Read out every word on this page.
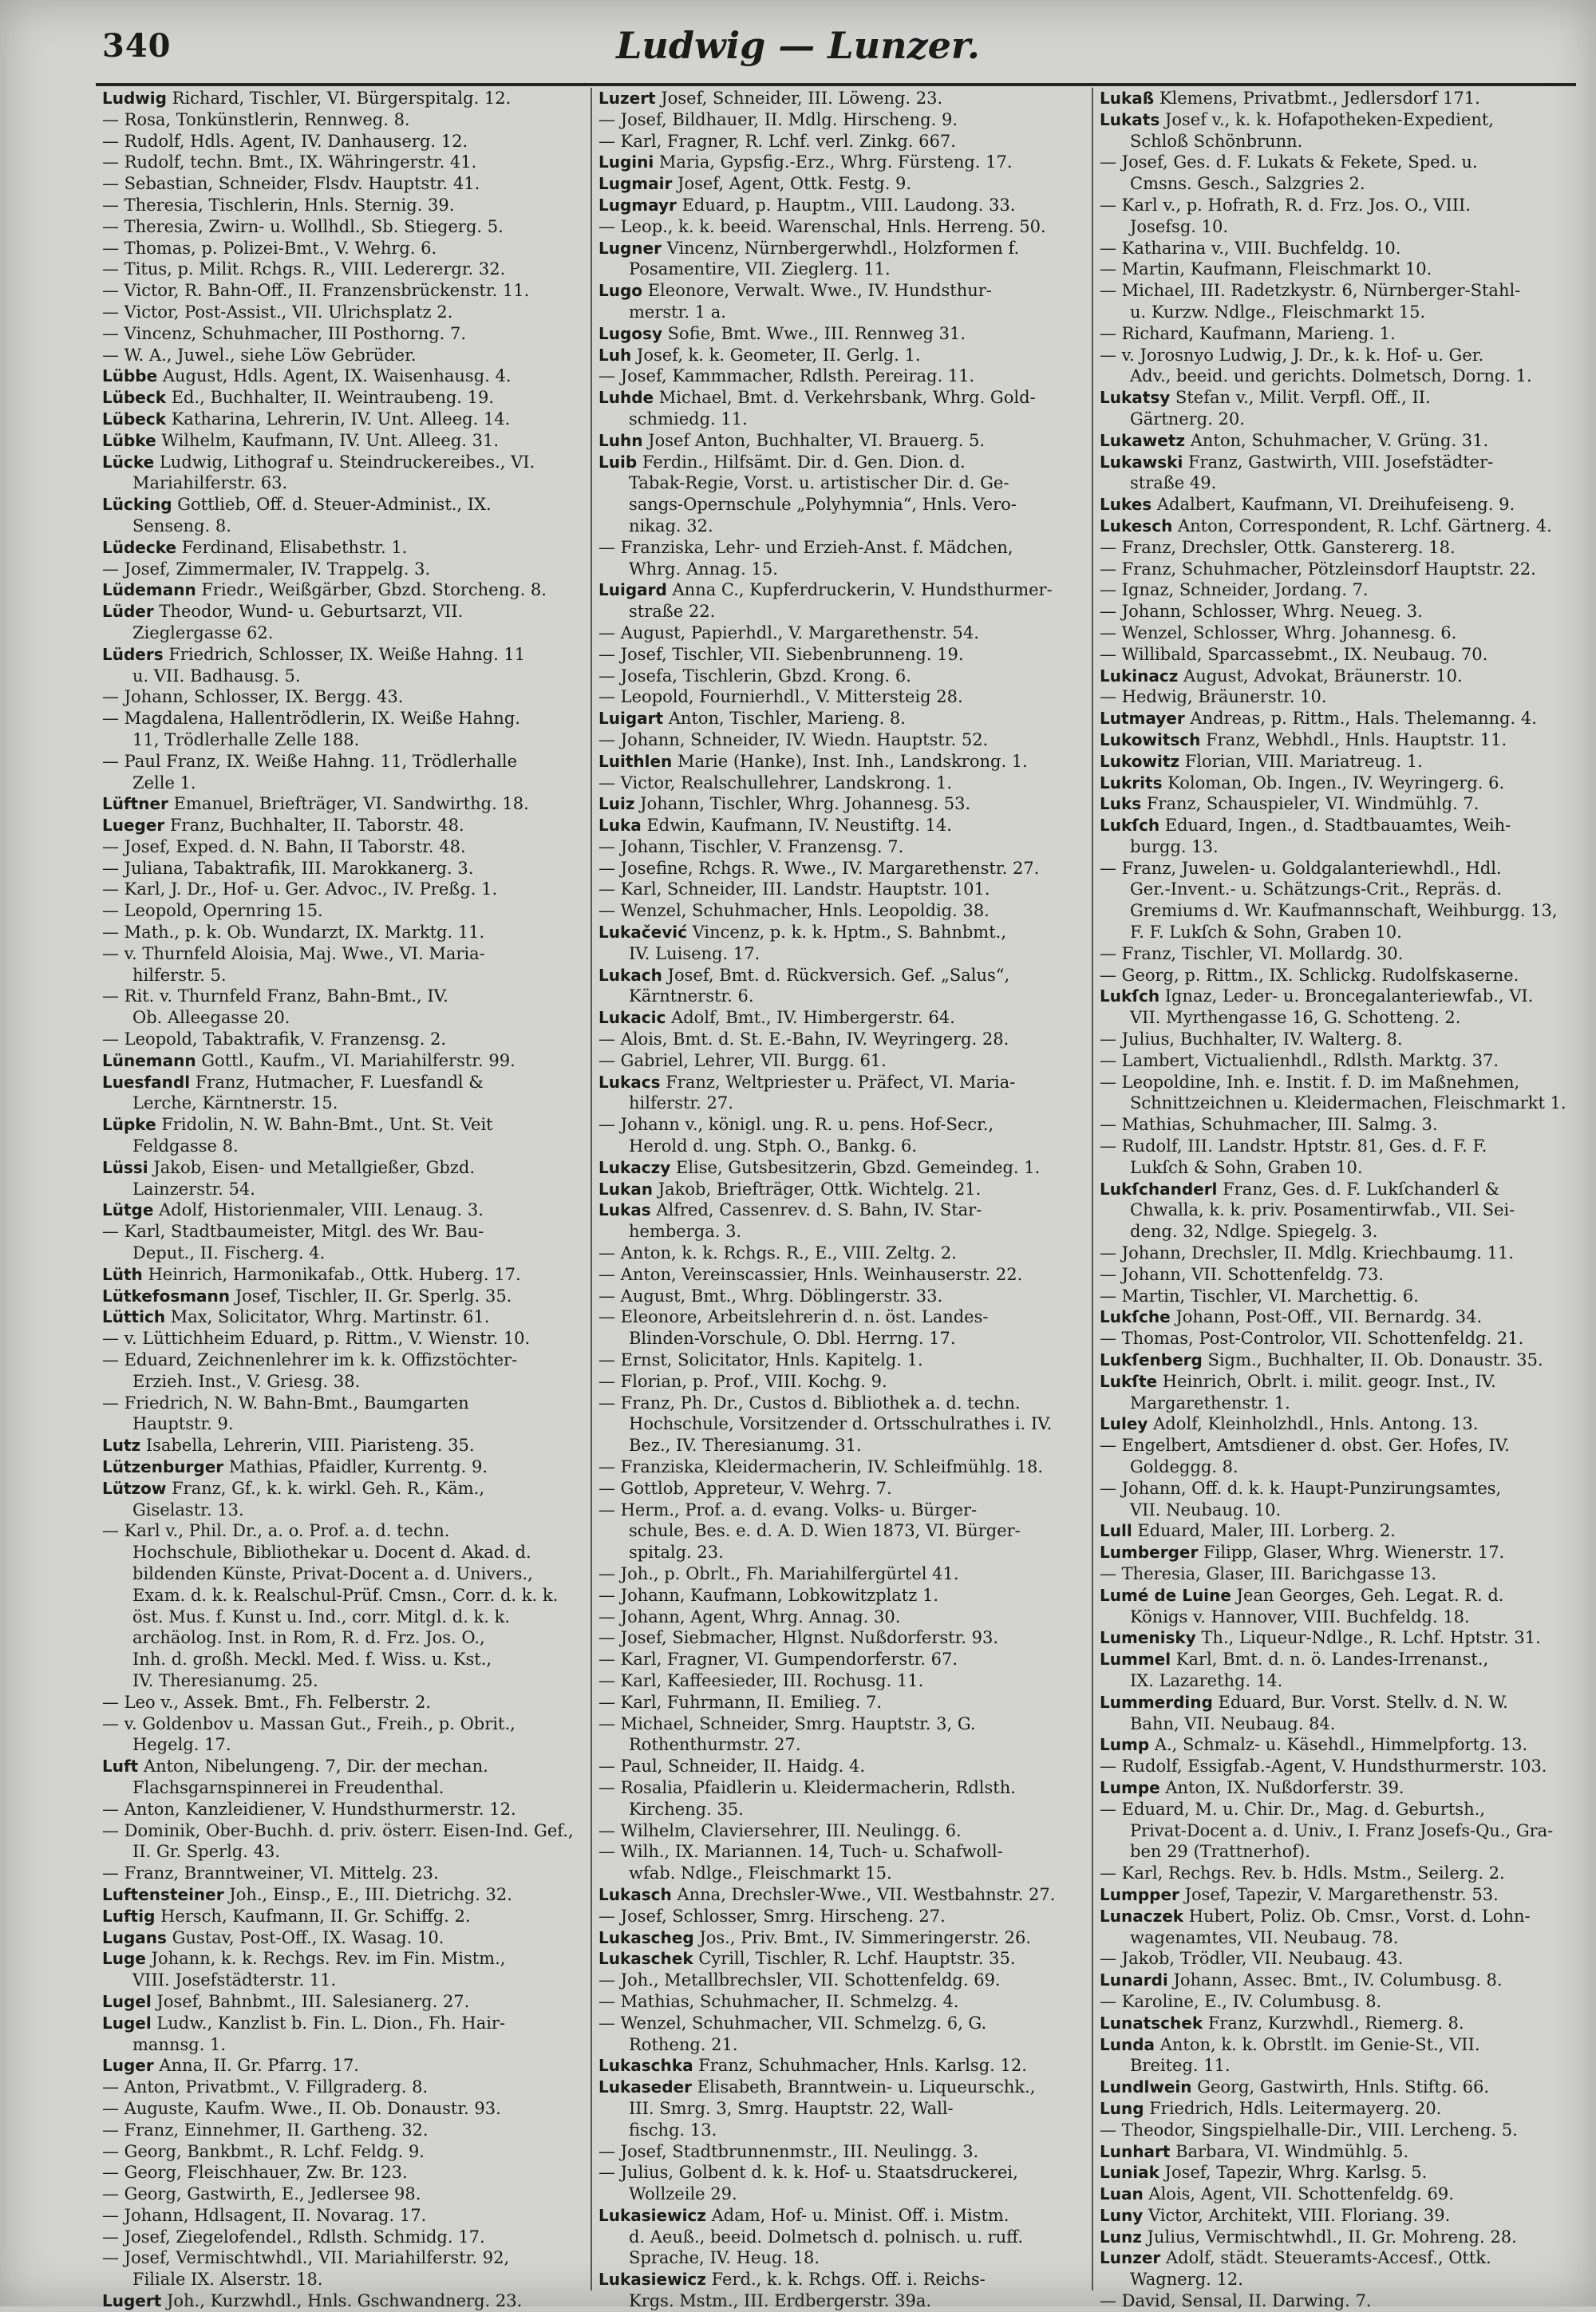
340	Ludwig — Lunzer.
Ludwig Richard, Tischler, VI. Bürgerspitalg. 12.
— Rosa, Tonkünstlerin, Rennweg. 8.
— Rudolf, Hdls. Agent, IV. Danhauserg. 12.
— Rudolf, techn. Bmt., IX. Währingerstr. 41.
— Sebastian, Schneider, Flsdv. Hauptstr. 41.
— Theresia, Tischlerin, Hnls. Sternig. 39.
— Theresia, Zwirn- u. Wollhdl., Sb. Stiegerg. 5.
— Thomas, p. Polizei-Bmt., V. Wehrg. 6.
— Titus, p. Milit. Rchgs. R., VIII. Lederergr. 32.
— Victor, R. Bahn-Off., II. Franzensbrückenstr. 11.
— Victor, Post-Assist., VII. Ulrichsplatz 2.
— Vincenz, Schuhmacher, III Posthorng. 7.
— W. A., Juwel., siehe Löw Gebrüder.
Lübbe August, Hdls. Agent, IX. Waisenhausg. 4.
Lübeck Ed., Buchhalter, II. Weintraubeng. 19.
Lübeck Katharina, Lehrerin, IV. Unt. Alleeg. 14.
Lübke Wilhelm, Kaufmann, IV. Unt. Alleeg. 31.
Lücke Ludwig, Lithograf u. Steindruckereibes., VI.
Mariahilferstr. 63.
Lücking Gottlieb, Off. d. Steuer-Administ., IX.
Senseng. 8.
Lüdecke Ferdinand, Elisabethstr. 1.
— Josef, Zimmermaler, IV. Trappelg. 3.
Lüdemann Friedr., Weißgärber, Gbzd. Storcheng. 8.
Lüder Theodor, Wund- u. Geburtsarzt, VII.
Zieglergasse 62.
Lüders Friedrich, Schlosser, IX. Weiße Hahng. 11
u. VII. Badhausg. 5.
— Johann, Schlosser, IX. Bergg. 43.
— Magdalena, Hallentrödlerin, IX. Weiße Hahng.
11, Trödlerhalle Zelle 188.
— Paul Franz, IX. Weiße Hahng. 11, Trödlerhalle
Zelle 1.
Lüftner Emanuel, Briefträger, VI. Sandwirthg. 18.
Lueger Franz, Buchhalter, II. Taborstr. 48.
— Josef, Exped. d. N. Bahn, II Taborstr. 48.
— Juliana, Tabaktrafik, III. Marokkanerg. 3.
— Karl, J. Dr., Hof- u. Ger. Advoc., IV. Preßg. 1.
— Leopold, Opernring 15.
— Math., p. k. Ob. Wundarzt, IX. Marktg. 11.
— v. Thurnfeld Aloisia, Maj. Wwe., VI. Maria-
hilferstr. 5.
— Rit. v. Thurnfeld Franz, Bahn-Bmt., IV.
Ob. Alleegasse 20.
— Leopold, Tabaktrafik, V. Franzensg. 2.
Lünemann Gottl., Kaufm., VI. Mariahilferstr. 99.
Luesfandl Franz, Hutmacher, F. Luesfandl &
Lerche, Kärntnerstr. 15.
Lüpke Fridolin, N. W. Bahn-Bmt., Unt. St. Veit
Feldgasse 8.
Lüssi Jakob, Eisen- und Metallgießer, Gbzd.
Lainzerstr. 54.
Lütge Adolf, Historienmaler, VIII. Lenaug. 3.
— Karl, Stadtbaumeister, Mitgl. des Wr. Bau-
Deput., II. Fischerg. 4.
Lüth Heinrich, Harmonikafab., Ottk. Huberg. 17.
Lütkefosmann Josef, Tischler, II. Gr. Sperlg. 35.
Lüttich Max, Solicitator, Whrg. Martinstr. 61.
— v. Lüttichheim Eduard, p. Rittm., V. Wienstr. 10.
— Eduard, Zeichnenlehrer im k. k. Offizstöchter-
Erzieh. Inst., V. Griesg. 38.
— Friedrich, N. W. Bahn-Bmt., Baumgarten
Hauptstr. 9.
Lutz Isabella, Lehrerin, VIII. Piaristeng. 35.
Lützenburger Mathias, Pfaidler, Kurrentg. 9.
Lützow Franz, Gf., k. k. wirkl. Geh. R., Käm.,
Giselastr. 13.
— Karl v., Phil. Dr., a. o. Prof. a. d. techn.
Hochschule, Bibliothekar u. Docent d. Akad. d.
bildenden Künste, Privat-Docent a. d. Univers.,
Exam. d. k. k. Realschul-Prüf. Cmsn., Corr. d. k. k.
öst. Mus. f. Kunst u. Ind., corr. Mitgl. d. k. k.
archäolog. Inst. in Rom, R. d. Frz. Jos. O.,
Inh. d. großh. Meckl. Med. f. Wiss. u. Kst.,
IV. Theresianumg. 25.
— Leo v., Assek. Bmt., Fh. Felberstr. 2.
— v. Goldenbov u. Massan Gut., Freih., p. Obrit.,
Hegelg. 17.
Luft Anton, Nibelungeng. 7, Dir. der mechan.
Flachsgarnspinnerei in Freudenthal.
— Anton, Kanzleidiener, V. Hundsthurmerstr. 12.
— Dominik, Ober-Buchh. d. priv. österr. Eisen-Ind. Gef.,
II. Gr. Sperlg. 43.
— Franz, Branntweiner, VI. Mittelg. 23.
Luftensteiner Joh., Einsp., E., III. Dietrichg. 32.
Luftig Hersch, Kaufmann, II. Gr. Schiffg. 2.
Lugans Gustav, Post-Off., IX. Wasag. 10.
Luge Johann, k. k. Rechgs. Rev. im Fin. Mistm.,
VIII. Josefstädterstr. 11.
Lugel Josef, Bahnbmt., III. Salesianerg. 27.
Lugel Ludw., Kanzlist b. Fin. L. Dion., Fh. Hair-
mannsg. 1.
Luger Anna, II. Gr. Pfarrg. 17.
— Anton, Privatbmt., V. Fillgraderg. 8.
— Auguste, Kaufm. Wwe., II. Ob. Donaustr. 93.
— Franz, Einnehmer, II. Gartheng. 32.
— Georg, Bankbmt., R. Lchf. Feldg. 9.
— Georg, Fleischhauer, Zw. Br. 123.
— Georg, Gastwirth, E., Jedlersee 98.
— Johann, Hdlsagent, II. Novarag. 17.
— Josef, Ziegelofendel., Rdlsth. Schmidg. 17.
— Josef, Vermischtwhdl., VII. Mariahilferstr. 92,
Filiale IX. Alserstr. 18.
Lugert Joh., Kurzwhdl., Hnls. Gschwandnerg. 23.
Luzert Josef, Schneider, III. Löweng. 23.
— Josef, Bildhauer, II. Mdlg. Hirscheng. 9.
— Karl, Fragner, R. Lchf. verl. Zinkg. 667.
Lugini Maria, Gypsfig.-Erz., Whrg. Fürsteng. 17.
Lugmair Josef, Agent, Ottk. Festg. 9.
Lugmayr Eduard, p. Hauptm., VIII. Laudong. 33.
— Leop., k. k. beeid. Warenschal, Hnls. Herreng. 50.
Lugner Vincenz, Nürnbergerwhdl., Holzformen f.
Posamentire, VII. Zieglerg. 11.
Lugo Eleonore, Verwalt. Wwe., IV. Hundsthur-
merstr. 1 a.
Lugosy Sofie, Bmt. Wwe., III. Rennweg 31.
Luh Josef, k. k. Geometer, II. Gerlg. 1.
— Josef, Kammmacher, Rdlsth. Pereirag. 11.
Luhde Michael, Bmt. d. Verkehrsbank, Whrg. Gold-
schmiedg. 11.
Luhn Josef Anton, Buchhalter, VI. Brauerg. 5.
Luib Ferdin., Hilfsämt. Dir. d. Gen. Dion. d.
Tabak-Regie, Vorst. u. artistischer Dir. d. Ge-
sangs-Opernschule „Polyhymnia“, Hnls. Vero-
nikag. 32.
— Franziska, Lehr- und Erzieh-Anst. f. Mädchen,
Whrg. Annag. 15.
Luigard Anna C., Kupferdruckerin, V. Hundsthurmer-
straße 22.
— August, Papierhdl., V. Margarethenstr. 54.
— Josef, Tischler, VII. Siebenbrunneng. 19.
— Josefa, Tischlerin, Gbzd. Krong. 6.
— Leopold, Fournierhdl., V. Mittersteig 28.
Luigart Anton, Tischler, Marieng. 8.
— Johann, Schneider, IV. Wiedn. Hauptstr. 52.
Luithlen Marie (Hanke), Inst. Inh., Landskrong. 1.
— Victor, Realschullehrer, Landskrong. 1.
Luiz Johann, Tischler, Whrg. Johannesg. 53.
Luka Edwin, Kaufmann, IV. Neustiftg. 14.
— Johann, Tischler, V. Franzensg. 7.
— Josefine, Rchgs. R. Wwe., IV. Margarethenstr. 27.
— Karl, Schneider, III. Landstr. Hauptstr. 101.
— Wenzel, Schuhmacher, Hnls. Leopoldig. 38.
Lukačević Vincenz, p. k. k. Hptm., S. Bahnbmt.,
IV. Luiseng. 17.
Lukach Josef, Bmt. d. Rückversich. Gef. „Salus“,
Kärntnerstr. 6.
Lukacic Adolf, Bmt., IV. Himbergerstr. 64.
— Alois, Bmt. d. St. E.-Bahn, IV. Weyringerg. 28.
— Gabriel, Lehrer, VII. Burgg. 61.
Lukacs Franz, Weltpriester u. Präfect, VI. Maria-
hilferstr. 27.
— Johann v., königl. ung. R. u. pens. Hof-Secr.,
Herold d. ung. Stph. O., Bankg. 6.
Lukaczy Elise, Gutsbesitzerin, Gbzd. Gemeindeg. 1.
Lukan Jakob, Briefträger, Ottk. Wichtelg. 21.
Lukas Alfred, Cassenrev. d. S. Bahn, IV. Star-
hemberga. 3.
— Anton, k. k. Rchgs. R., E., VIII. Zeltg. 2.
— Anton, Vereinscassier, Hnls. Weinhauserstr. 22.
— August, Bmt., Whrg. Döblingerstr. 33.
— Eleonore, Arbeitslehrerin d. n. öst. Landes-
Blinden-Vorschule, O. Dbl. Herrng. 17.
— Ernst, Solicitator, Hnls. Kapitelg. 1.
— Florian, p. Prof., VIII. Kochg. 9.
— Franz, Ph. Dr., Custos d. Bibliothek a. d. techn.
Hochschule, Vorsitzender d. Ortsschulrathes i. IV.
Bez., IV. Theresianumg. 31.
— Franziska, Kleidermacherin, IV. Schleifmühlg. 18.
— Gottlob, Appreteur, V. Wehrg. 7.
— Herm., Prof. a. d. evang. Volks- u. Bürger-
schule, Bes. e. d. A. D. Wien 1873, VI. Bürger-
spitalg. 23.
— Joh., p. Obrlt., Fh. Mariahilfergürtel 41.
— Johann, Kaufmann, Lobkowitzplatz 1.
— Johann, Agent, Whrg. Annag. 30.
— Josef, Siebmacher, Hlgnst. Nußdorferstr. 93.
— Karl, Fragner, VI. Gumpendorferstr. 67.
— Karl, Kaffeesieder, III. Rochusg. 11.
— Karl, Fuhrmann, II. Emilieg. 7.
— Michael, Schneider, Smrg. Hauptstr. 3, G.
Rothenthurmstr. 27.
— Paul, Schneider, II. Haidg. 4.
— Rosalia, Pfaidlerin u. Kleidermacherin, Rdlsth.
Kircheng. 35.
— Wilhelm, Claviersehrer, III. Neulingg. 6.
— Wilh., IX. Mariannen. 14, Tuch- u. Schafwoll-
wfab. Ndlge., Fleischmarkt 15.
Lukasch Anna, Drechsler-Wwe., VII. Westbahnstr. 27.
— Josef, Schlosser, Smrg. Hirscheng. 27.
Lukascheg Jos., Priv. Bmt., IV. Simmeringerstr. 26.
Lukaschek Cyrill, Tischler, R. Lchf. Hauptstr. 35.
— Joh., Metallbrechsler, VII. Schottenfeldg. 69.
— Mathias, Schuhmacher, II. Schmelzg. 4.
— Wenzel, Schuhmacher, VII. Schmelzg. 6, G.
Rotheng. 21.
Lukaschka Franz, Schuhmacher, Hnls. Karlsg. 12.
Lukaseder Elisabeth, Branntwein- u. Liqueurschk.,
III. Smrg. 3, Smrg. Hauptstr. 22, Wall-
fischg. 13.
— Josef, Stadtbrunnenmstr., III. Neulingg. 3.
— Julius, Golbent d. k. k. Hof- u. Staatsdruckerei,
Wollzeile 29.
Lukasiewicz Adam, Hof- u. Minist. Off. i. Mistm.
d. Aeuß., beeid. Dolmetsch d. polnisch. u. ruff.
Sprache, IV. Heug. 18.
Lukasiewicz Ferd., k. k. Rchgs. Off. i. Reichs-
Krgs. Mstm., III. Erdbergerstr. 39a.
Lukaß Klemens, Privatbmt., Jedlersdorf 171.
Lukats Josef v., k. k. Hofapotheken-Expedient,
Schloß Schönbrunn.
— Josef, Ges. d. F. Lukats & Fekete, Sped. u.
Cmsns. Gesch., Salzgries 2.
— Karl v., p. Hofrath, R. d. Frz. Jos. O., VIII.
Josefsg. 10.
— Katharina v., VIII. Buchfeldg. 10.
— Martin, Kaufmann, Fleischmarkt 10.
— Michael, III. Radetzkystr. 6, Nürnberger-Stahl-
u. Kurzw. Ndlge., Fleischmarkt 15.
— Richard, Kaufmann, Marieng. 1.
— v. Jorosnyo Ludwig, J. Dr., k. k. Hof- u. Ger.
Adv., beeid. und gerichts. Dolmetsch, Dorng. 1.
Lukatsy Stefan v., Milit. Verpfl. Off., II.
Gärtnerg. 20.
Lukawetz Anton, Schuhmacher, V. Grüng. 31.
Lukawski Franz, Gastwirth, VIII. Josefstädter-
straße 49.
Lukes Adalbert, Kaufmann, VI. Dreihufeiseng. 9.
Lukesch Anton, Correspondent, R. Lchf. Gärtnerg. 4.
— Franz, Drechsler, Ottk. Ganstererg. 18.
— Franz, Schuhmacher, Pötzleinsdorf Hauptstr. 22.
— Ignaz, Schneider, Jordang. 7.
— Johann, Schlosser, Whrg. Neueg. 3.
— Wenzel, Schlosser, Whrg. Johannesg. 6.
— Willibald, Sparcassebmt., IX. Neubaug. 70.
Lukinacz August, Advokat, Bräunerstr. 10.
— Hedwig, Bräunerstr. 10.
Lutmayer Andreas, p. Rittm., Hals. Thelemanng. 4.
Lukowitsch Franz, Webhdl., Hnls. Hauptstr. 11.
Lukowitz Florian, VIII. Mariatreug. 1.
Lukrits Koloman, Ob. Ingen., IV. Weyringerg. 6.
Luks Franz, Schauspieler, VI. Windmühlg. 7.
Lukſch Eduard, Ingen., d. Stadtbauamtes, Weih-
burgg. 13.
— Franz, Juwelen- u. Goldgalanteriewhdl., Hdl.
Ger.-Invent.- u. Schätzungs-Crit., Repräs. d.
Gremiums d. Wr. Kaufmannschaft, Weihburgg. 13,
F. F. Lukſch & Sohn, Graben 10.
— Franz, Tischler, VI. Mollardg. 30.
— Georg, p. Rittm., IX. Schlickg. Rudolfskaserne.
Lukſch Ignaz, Leder- u. Broncegalanteriewfab., VI.
VII. Myrthengasse 16, G. Schotteng. 2.
— Julius, Buchhalter, IV. Walterg. 8.
— Lambert, Victualienhdl., Rdlsth. Marktg. 37.
— Leopoldine, Inh. e. Instit. f. D. im Maßnehmen,
Schnittzeichnen u. Kleidermachen, Fleischmarkt 1.
— Mathias, Schuhmacher, III. Salmg. 3.
— Rudolf, III. Landstr. Hptstr. 81, Ges. d. F. F.
Lukſch & Sohn, Graben 10.
Lukſchanderl Franz, Ges. d. F. Lukſchanderl &
Chwalla, k. k. priv. Posamentirwfab., VII. Sei-
deng. 32, Ndlge. Spiegelg. 3.
— Johann, Drechsler, II. Mdlg. Kriechbaumg. 11.
— Johann, VII. Schottenfeldg. 73.
— Martin, Tischler, VI. Marchettig. 6.
Lukſche Johann, Post-Off., VII. Bernardg. 34.
— Thomas, Post-Controlor, VII. Schottenfeldg. 21.
Lukſenberg Sigm., Buchhalter, II. Ob. Donaustr. 35.
Lukſte Heinrich, Obrlt. i. milit. geogr. Inst., IV.
Margarethenstr. 1.
Luley Adolf, Kleinholzhdl., Hnls. Antong. 13.
— Engelbert, Amtsdiener d. obst. Ger. Hofes, IV.
Goldeggg. 8.
— Johann, Off. d. k. k. Haupt-Punzirungsamtes,
VII. Neubaug. 10.
Lull Eduard, Maler, III. Lorberg. 2.
Lumberger Filipp, Glaser, Whrg. Wienerstr. 17.
— Theresia, Glaser, III. Barichgasse 13.
Lumé de Luine Jean Georges, Geh. Legat. R. d.
Königs v. Hannover, VIII. Buchfeldg. 18.
Lumenisky Th., Liqueur-Ndlge., R. Lchf. Hptstr. 31.
Lummel Karl, Bmt. d. n. ö. Landes-Irrenanst.,
IX. Lazarethg. 14.
Lummerding Eduard, Bur. Vorst. Stellv. d. N. W.
Bahn, VII. Neubaug. 84.
Lump A., Schmalz- u. Käsehdl., Himmelpfortg. 13.
— Rudolf, Essigfab.-Agent, V. Hundsthurmerstr. 103.
Lumpe Anton, IX. Nußdorferstr. 39.
— Eduard, M. u. Chir. Dr., Mag. d. Geburtsh.,
Privat-Docent a. d. Univ., I. Franz Josefs-Qu., Gra-
ben 29 (Trattnerhof).
— Karl, Rechgs. Rev. b. Hdls. Mstm., Seilerg. 2.
Lumpper Josef, Tapezir, V. Margarethenstr. 53.
Lunaczek Hubert, Poliz. Ob. Cmsr., Vorst. d. Lohn-
wagenamtes, VII. Neubaug. 78.
— Jakob, Trödler, VII. Neubaug. 43.
Lunardi Johann, Assec. Bmt., IV. Columbusg. 8.
— Karoline, E., IV. Columbusg. 8.
Lunatschek Franz, Kurzwhdl., Riemerg. 8.
Lunda Anton, k. k. Obrstlt. im Genie-St., VII.
Breiteg. 11.
Lundlwein Georg, Gastwirth, Hnls. Stiftg. 66.
Lung Friedrich, Hdls. Leitermayerg. 20.
— Theodor, Singspielhalle-Dir., VIII. Lercheng. 5.
Lunhart Barbara, VI. Windmühlg. 5.
Luniak Josef, Tapezir, Whrg. Karlsg. 5.
Luan Alois, Agent, VII. Schottenfeldg. 69.
Luny Victor, Architekt, VIII. Floriang. 39.
Lunz Julius, Vermischtwhdl., II. Gr. Mohreng. 28.
Lunzer Adolf, städt. Steueramts-Accesf., Ottk.
Wagnerg. 12.
— David, Sensal, II. Darwing. 7.
